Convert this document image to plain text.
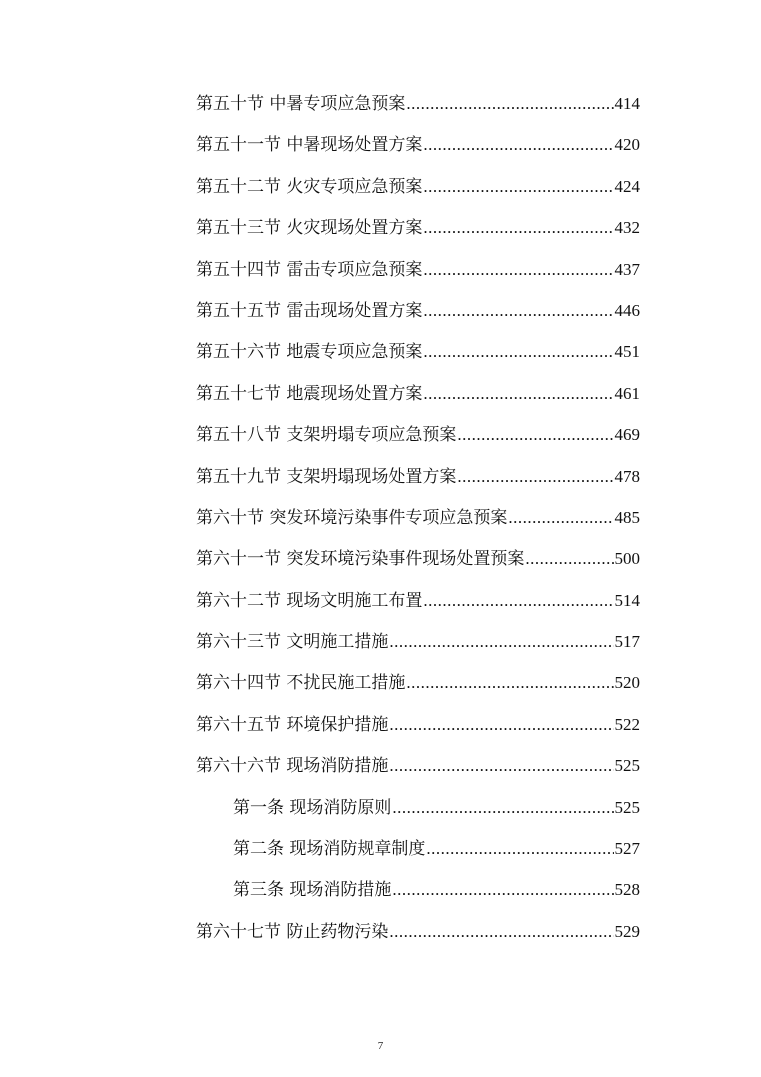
第五十节 中暑专项应急预案 .....	414
第五十一节 中暑现场处置方案 .....	420
第五十二节 火灾专项应急预案 .....	424
第五十三节 火灾现场处置方案 .....	432
第五十四节 雷击专项应急预案 .....	437
第五十五节 雷击现场处置方案 .....	446
第五十六节 地震专项应急预案 .....	451
第五十七节 地震现场处置方案 .....	461
第五十八节 支架坍塌专项应急预案 .....	469
第五十九节 支架坍塌现场处置方案 .....	478
第六十节 突发环境污染事件专项应急预案 .....	485
第六十一节 突发环境污染事件现场处置预案 .....	500
第六十二节 现场文明施工布置 .....	514
第六十三节 文明施工措施 .....	517
第六十四节 不扰民施工措施 .....	520
第六十五节 环境保护措施 .....	522
第六十六节 现场消防措施 .....	525
第一条 现场消防原则 .....	525
第二条 现场消防规章制度 .....	527
第三条 现场消防措施 .....	528
第六十七节 防止药物污染 .....	529
7
